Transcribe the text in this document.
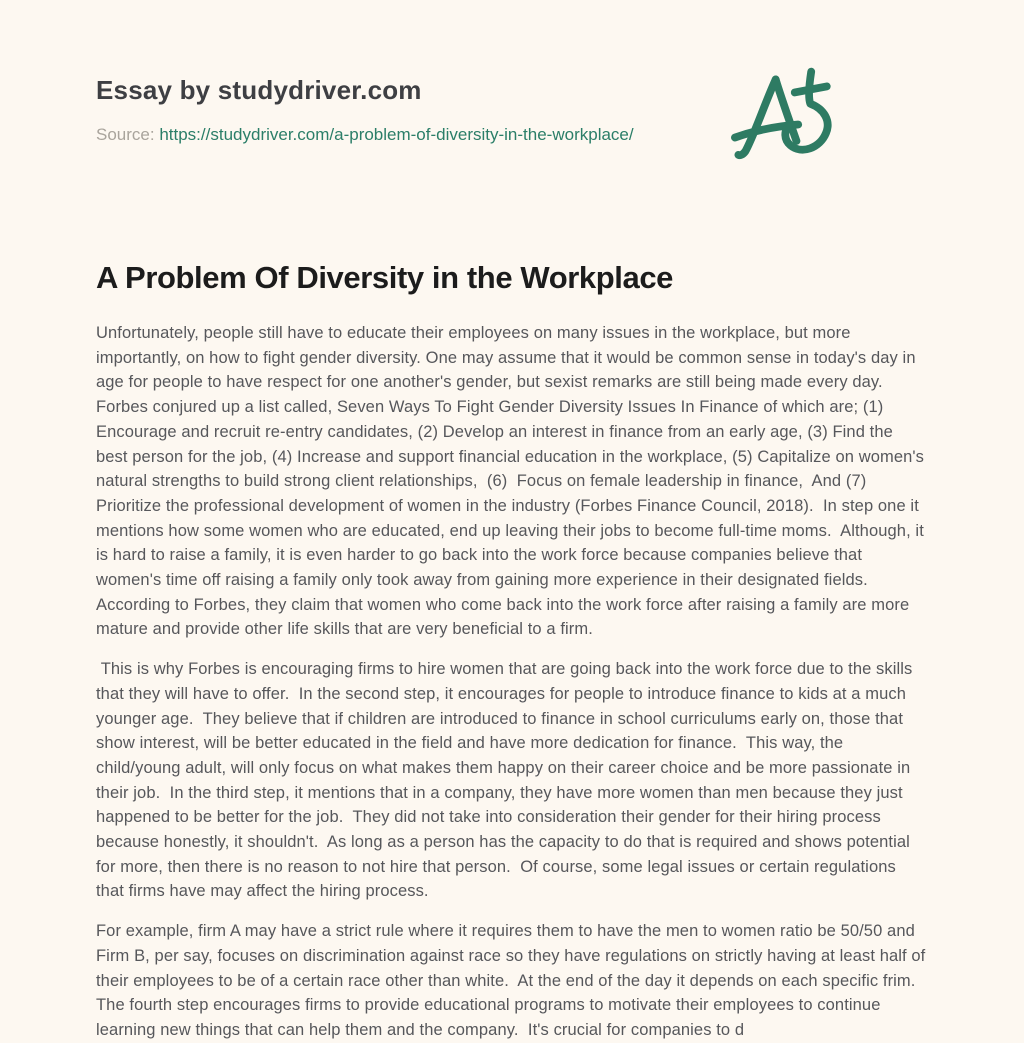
Essay by studydriver.com
Source: https://studydriver.com/a-problem-of-diversity-in-the-workplace/
A Problem Of Diversity in the Workplace

Unfortunately, people still have to educate their employees on many issues in the workplace, but more importantly, on how to fight gender diversity. One may assume that it would be common sense in today's day in age for people to have respect for one another's gender, but sexist remarks are still being made every day. Forbes conjured up a list called, Seven Ways To Fight Gender Diversity Issues In Finance of which are; (1) Encourage and recruit re-entry candidates, (2) Develop an interest in finance from an early age, (3) Find the best person for the job, (4) Increase and support financial education in the workplace, (5) Capitalize on women's natural strengths to build strong client relationships,  (6)  Focus on female leadership in finance,  And (7) Prioritize the professional development of women in the industry (Forbes Finance Council, 2018).  In step one it mentions how some women who are educated, end up leaving their jobs to become full-time moms.  Although, it is hard to raise a family, it is even harder to go back into the work force because companies believe that women's time off raising a family only took away from gaining more experience in their designated fields. According to Forbes, they claim that women who come back into the work force after raising a family are more mature and provide other life skills that are very beneficial to a firm.

This is why Forbes is encouraging firms to hire women that are going back into the work force due to the skills that they will have to offer.  In the second step, it encourages for people to introduce finance to kids at a much younger age.  They believe that if children are introduced to finance in school curriculums early on, those that show interest, will be better educated in the field and have more dedication for finance.  This way, the child/young adult, will only focus on what makes them happy on their career choice and be more passionate in their job.  In the third step, it mentions that in a company, they have more women than men because they just happened to be better for the job.  They did not take into consideration their gender for their hiring process because honestly, it shouldn't.  As long as a person has the capacity to do that is required and shows potential for more, then there is no reason to not hire that person.  Of course, some legal issues or certain regulations that firms have may affect the hiring process.

For example, firm A may have a strict rule where it requires them to have the men to women ratio be 50/50 and Firm B, per say, focuses on discrimination against race so they have regulations on strictly having at least half of their employees to be of a certain race other than white.  At the end of the day it depends on each specific frim. The fourth step encourages firms to provide educational programs to motivate their employees to continue learning new things that can help them and the company.  It's crucial for companies to d
